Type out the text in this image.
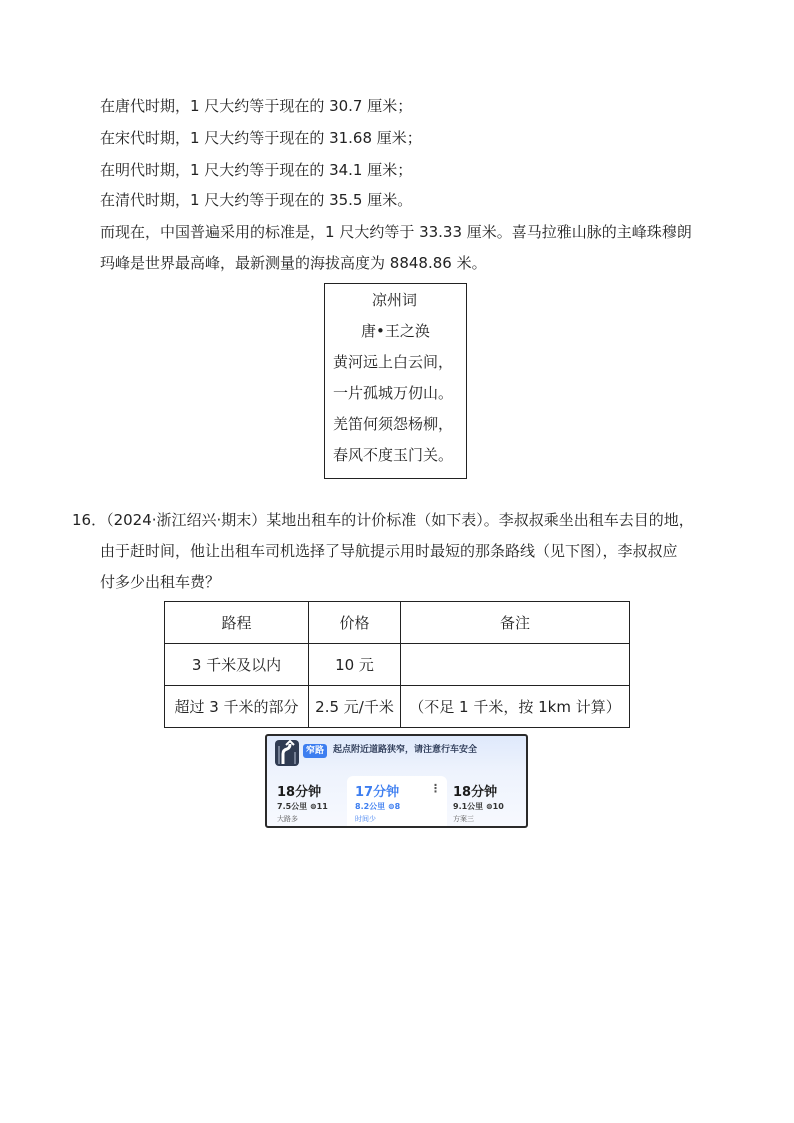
在唐代时期，1 尺大约等于现在的 30.7 厘米；
在宋代时期，1 尺大约等于现在的 31.68 厘米；
在明代时期，1 尺大约等于现在的 34.1 厘米；
在清代时期，1 尺大约等于现在的 35.5 厘米。
而现在，中国普遍采用的标准是，1 尺大约等于 33.33 厘米。喜马拉雅山脉的主峰珠穆朗
玛峰是世界最高峰，最新测量的海拔高度为 8848.86 米。
凉州词
唐•王之涣
黄河远上白云间，
一片孤城万仞山。
羌笛何须怨杨柳，
春风不度玉门关。
16．（2024·浙江绍兴·期末）某地出租车的计价标准（如下表）。李叔叔乘坐出租车去目的地，
由于赶时间，他让出租车司机选择了导航提示用时最短的那条路线（见下图），李叔叔应
付多少出租车费？
路程	价格	备注
3 千米及以内	10 元	
超过 3 千米的部分	2.5 元/千米	（不足 1 千米，按 1km 计算）
窄路 起点附近道路狭窄，请注意行车安全
18分钟
7.5公里 ⊜11
大路多
17分钟
8.2公里 ⊜8
时间少
⋮ 18分钟
9.1公里 ⊜10
方案三
